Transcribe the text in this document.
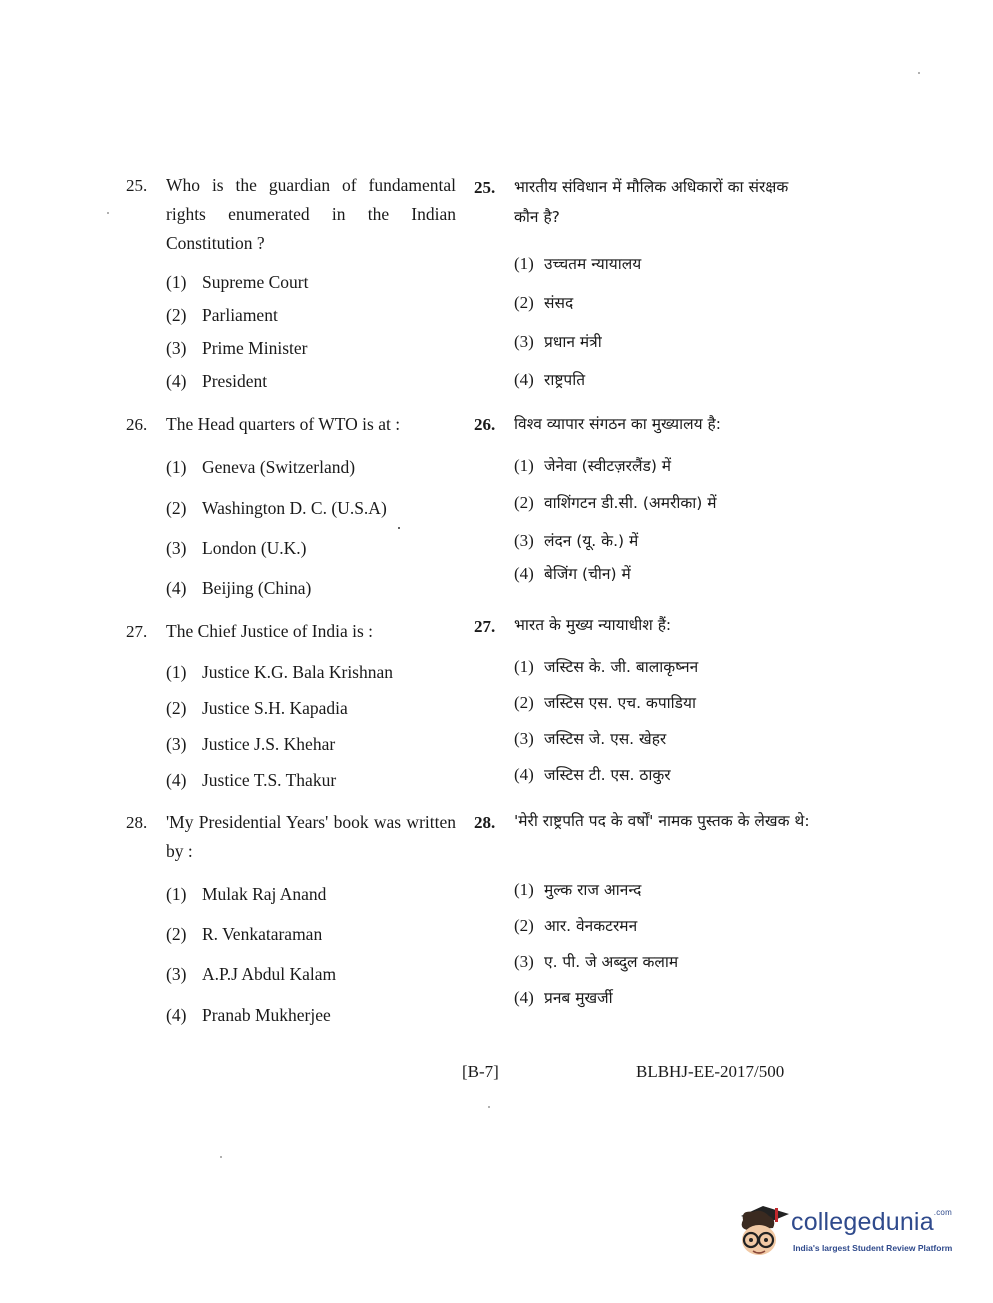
25. Who is the guardian of fundamental rights enumerated in the Indian Constitution ?
(1) Supreme Court
(2) Parliament
(3) Prime Minister
(4) President
26. The Head quarters of WTO is at :
(1) Geneva (Switzerland)
(2) Washington D. C. (U.S.A)
(3) London (U.K.)
(4) Beijing (China)
27. The Chief Justice of India is :
(1) Justice K.G. Bala Krishnan
(2) Justice S.H. Kapadia
(3) Justice J.S. Khehar
(4) Justice T.S. Thakur
28. 'My Presidential Years' book was written by :
(1) Mulak Raj Anand
(2) R. Venkataraman
(3) A.P.J Abdul Kalam
(4) Pranab Mukherjee
25. भारतीय संविधान में मौलिक अधिकारों का संरक्षक कौन है?
(1) उच्चतम न्यायालय
(2) संसद
(3) प्रधान मंत्री
(4) राष्ट्रपति
26. विश्व व्यापार संगठन का मुख्यालय है:
(1) जेनेवा (स्वीटज़रलैंड) में
(2) वाशिंगटन डी.सी. (अमरीका) में
(3) लंदन (यू. के.) में
(4) बेजिंग (चीन) में
27. भारत के मुख्य न्यायाधीश हैं:
(1) जस्टिस के. जी. बालाकृष्नन
(2) जस्टिस एस. एच. कपाडिया
(3) जस्टिस जे. एस. खेहर
(4) जस्टिस टी. एस. ठाकुर
28. 'मेरी राष्ट्रपति पद के वर्षों' नामक पुस्तक के लेखक थे:
(1) मुल्क राज आनन्द
(2) आर. वेनकटरमन
(3) ए. पी. जे अब्दुल कलाम
(4) प्रनब मुखर्जी
[B-7]	BLBHJ-EE-2017/500
collegedunia$^{.com}$
India's largest Student Review Platform
